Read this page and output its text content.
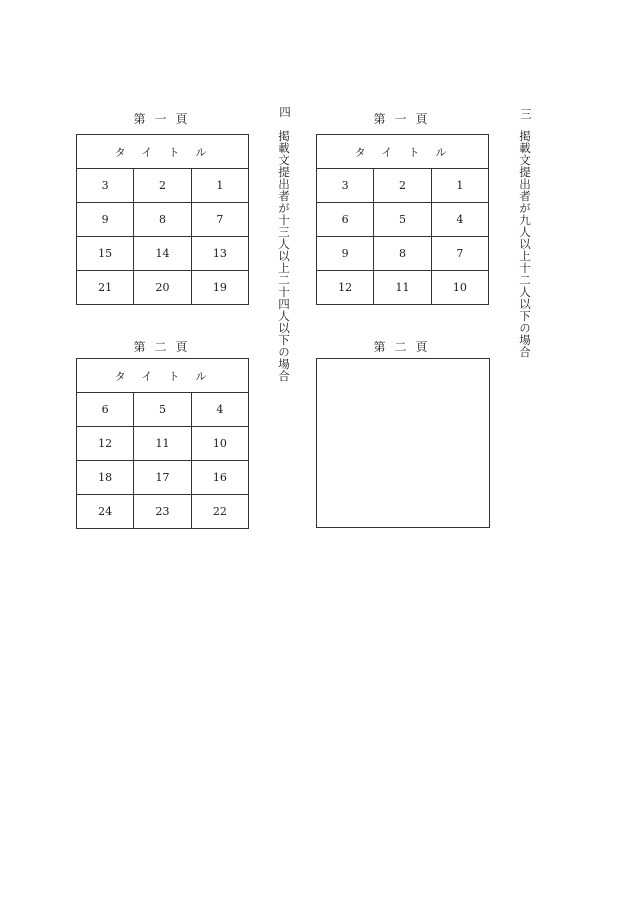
三
掲載文提出者が九人以上十二人以下の場合
第一頁
タイトル		
3	2	1
6	5	4
9	8	7
12	11	10
第二頁
四
掲載文提出者が十三人以上二十四人以下の場合
第一頁
タイトル		
3	2	1
9	8	7
15	14	13
21	20	19
第二頁
タイトル		
6	5	4
12	11	10
18	17	16
24	23	22
